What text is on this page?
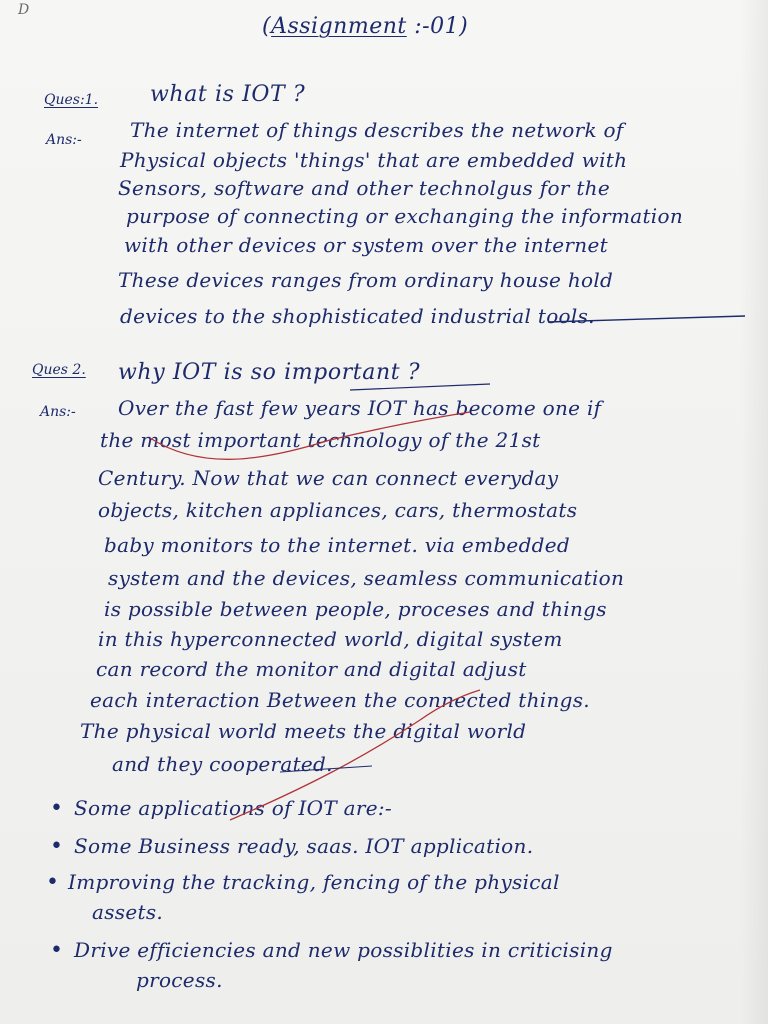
D
(Assignment :-01)
Ques:1. what is IOT ?
Ans:- The internet of things describes the network of
Physical objects 'things' that are embedded with
Sensors, software and other technolgus for the
purpose of connecting or exchanging the information
with other devices or system over the internet
These devices ranges from ordinary house hold
devices to the shophisticated industrial tools.
Ques 2. why IOT is so important ?
Ans:- Over the fast few years IOT has become one if
the most important technology of the 21st
Century. Now that we can connect everyday
objects, kitchen appliances, cars, thermostats
baby monitors to the internet. via embedded
system and the devices, seamless communication
is possible between people, proceses and things
in this hyperconnected world, digital system
can record the monitor and digital adjust
each interaction Between the connected things.
The physical world meets the digital world
and they cooperated.
• Some applications of IOT are:-
• Some Business ready, saas. IOT application.
• Improving the tracking, fencing of the physical
assets.
• Drive efficiencies and new possiblities in criticising
process.
